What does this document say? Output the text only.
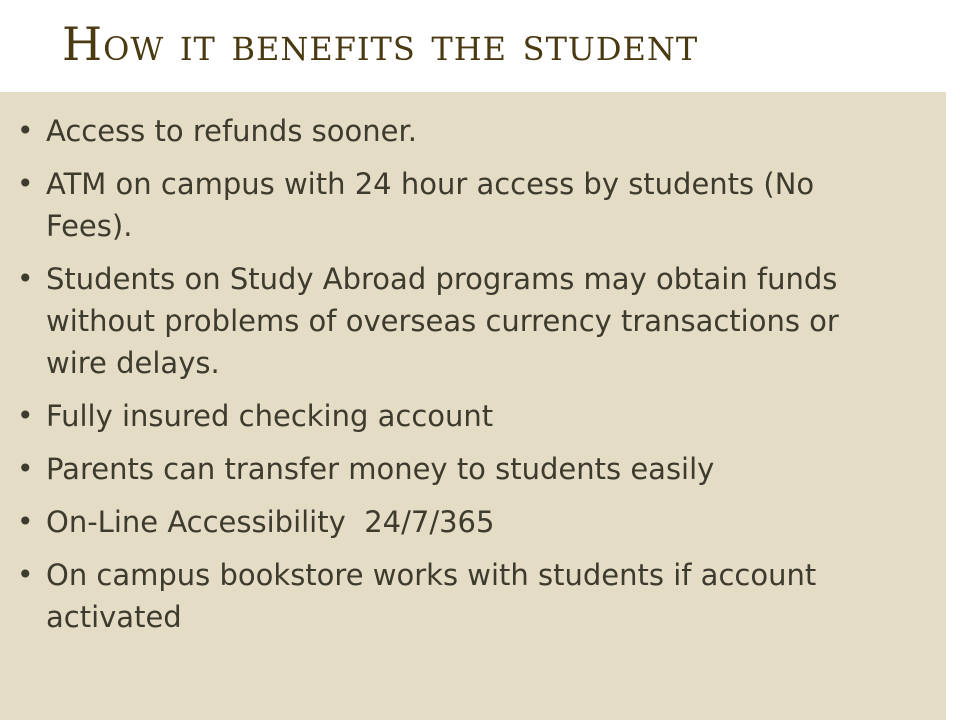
How it benefits the student
• Access to refunds sooner.
• ATM on campus with 24 hour access by students (No Fees).
• Students on Study Abroad programs may obtain funds without problems of overseas currency transactions or wire delays.
• Fully insured checking account
• Parents can transfer money to students easily
• On-Line Accessibility  24/7/365
• On campus bookstore works with students if account activated
